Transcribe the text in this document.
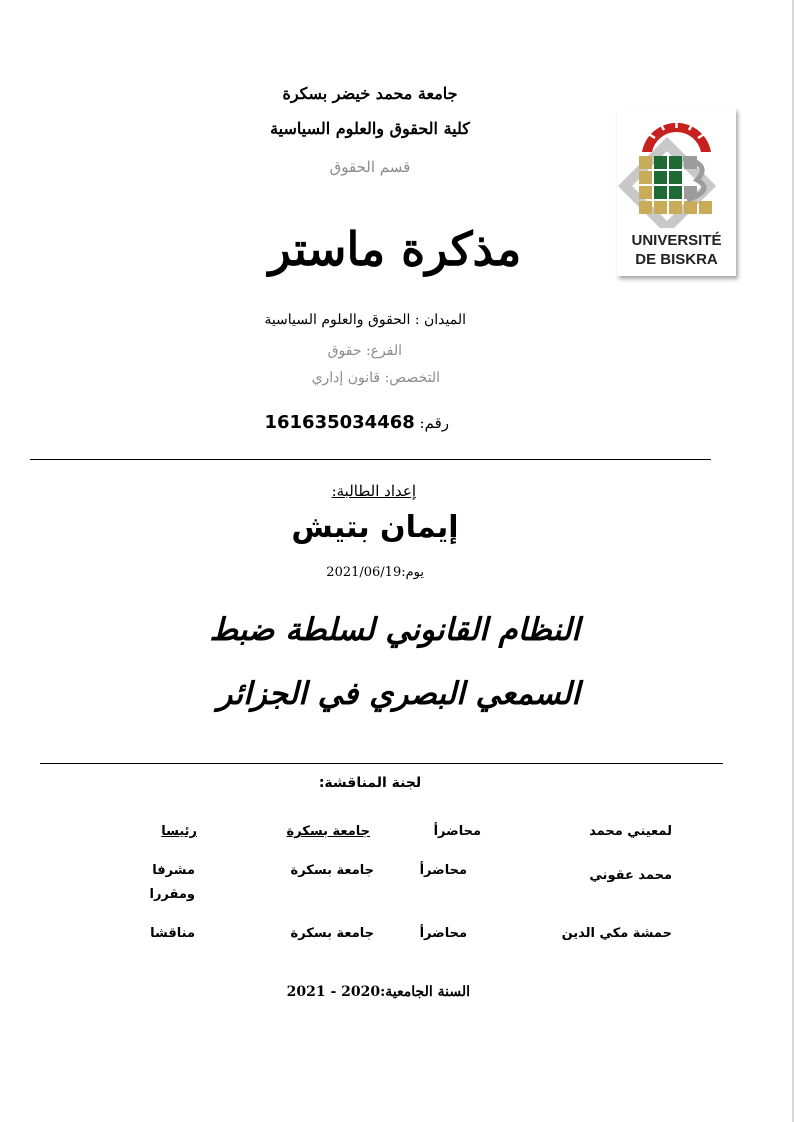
جامعة محمد خيضر بسكرة
كلية الحقوق والعلوم السياسية
قسم الحقوق
UNIVERSITÉ
DE BISKRA
مذكرة ماستر
الميدان : الحقوق والعلوم السياسية
الفرع: حقوق
التخصص: قانون إداري
رقم: 161635034468
إعداد الطالبة:
إيمان بتيش
يوم:2021/06/19
النظام القانوني لسلطة ضبط
السمعي البصري في الجزائر
لجنة المناقشة:
لمعيني محمد
محاضرأ
جامعة بسكرة
رئيسا
محمد عقوني
محاضرأ
جامعة بسكرة
مشرفا ومقررا
حمشة مكي الدين
محاضرأ
جامعة بسكرة
مناقشا
السنة الجامعية:2020 - 2021
